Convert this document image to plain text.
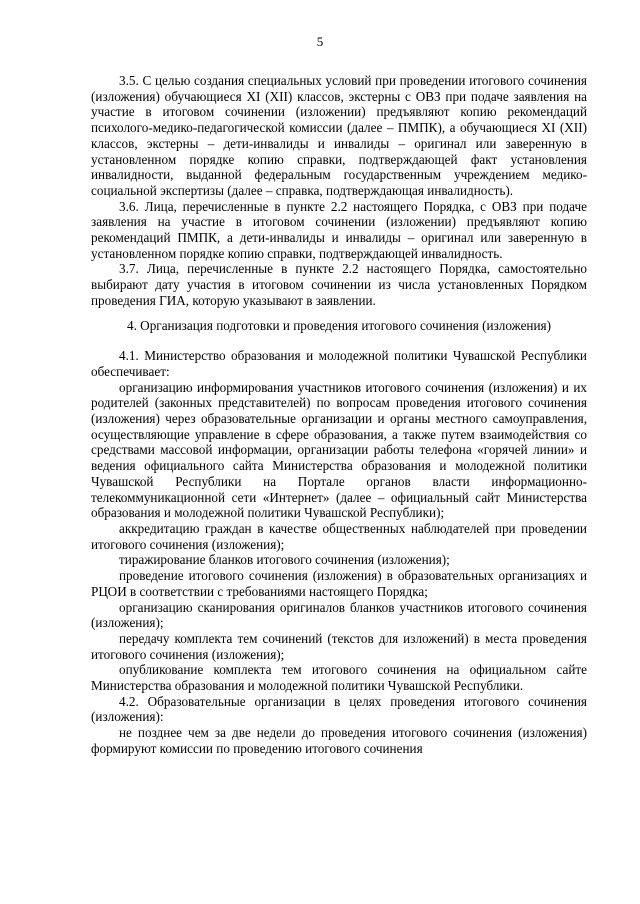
5

3.5. С целью создания специальных условий при проведении итогового сочинения (изложения) обучающиеся XI (XII) классов, экстерны с ОВЗ при подаче заявления на участие в итоговом сочинении (изложении) предъявляют копию рекомендаций психолого-медико-педагогической комиссии (далее – ПМПК), а обучающиеся XI (XII) классов, экстерны – дети-инвалиды и инвалиды – оригинал или заверенную в установленном порядке копию справки, подтверждающей факт установления инвалидности, выданной федеральным государственным учреждением медико-социальной экспертизы (далее – справка, подтверждающая инвалидность).

3.6. Лица, перечисленные в пункте 2.2 настоящего Порядка, с ОВЗ при подаче заявления на участие в итоговом сочинении (изложении) предъявляют копию рекомендаций ПМПК, а дети-инвалиды и инвалиды – оригинал или заверенную в установленном порядке копию справки, подтверждающей инвалидность.

3.7. Лица, перечисленные в пункте 2.2 настоящего Порядка, самостоятельно выбирают дату участия в итоговом сочинении из числа установленных Порядком проведения ГИА, которую указывают в заявлении.

4. Организация подготовки и проведения итогового сочинения (изложения)

4.1. Министерство образования и молодежной политики Чувашской Республики обеспечивает:

организацию информирования участников итогового сочинения (изложения) и их родителей (законных представителей) по вопросам проведения итогового сочинения (изложения) через образовательные организации и органы местного самоуправления, осуществляющие управление в сфере образования, а также путем взаимодействия со средствами массовой информации, организации работы телефона «горячей линии» и ведения официального сайта Министерства образования и молодежной политики Чувашской Республики на Портале органов власти информационно-телекоммуникационной сети «Интернет» (далее – официальный сайт Министерства образования и молодежной политики Чувашской Республики);

аккредитацию граждан в качестве общественных наблюдателей при проведении итогового сочинения (изложения);

тиражирование бланков итогового сочинения (изложения);

проведение итогового сочинения (изложения) в образовательных организациях и РЦОИ в соответствии с требованиями настоящего Порядка;

организацию сканирования оригиналов бланков участников итогового сочинения (изложения);

передачу комплекта тем сочинений (текстов для изложений) в места проведения итогового сочинения (изложения);

опубликование комплекта тем итогового сочинения на официальном сайте Министерства образования и молодежной политики Чувашской Республики.

4.2. Образовательные организации в целях проведения итогового сочинения (изложения):

не позднее чем за две недели до проведения итогового сочинения (изложения) формируют комиссии по проведению итогового сочинения
